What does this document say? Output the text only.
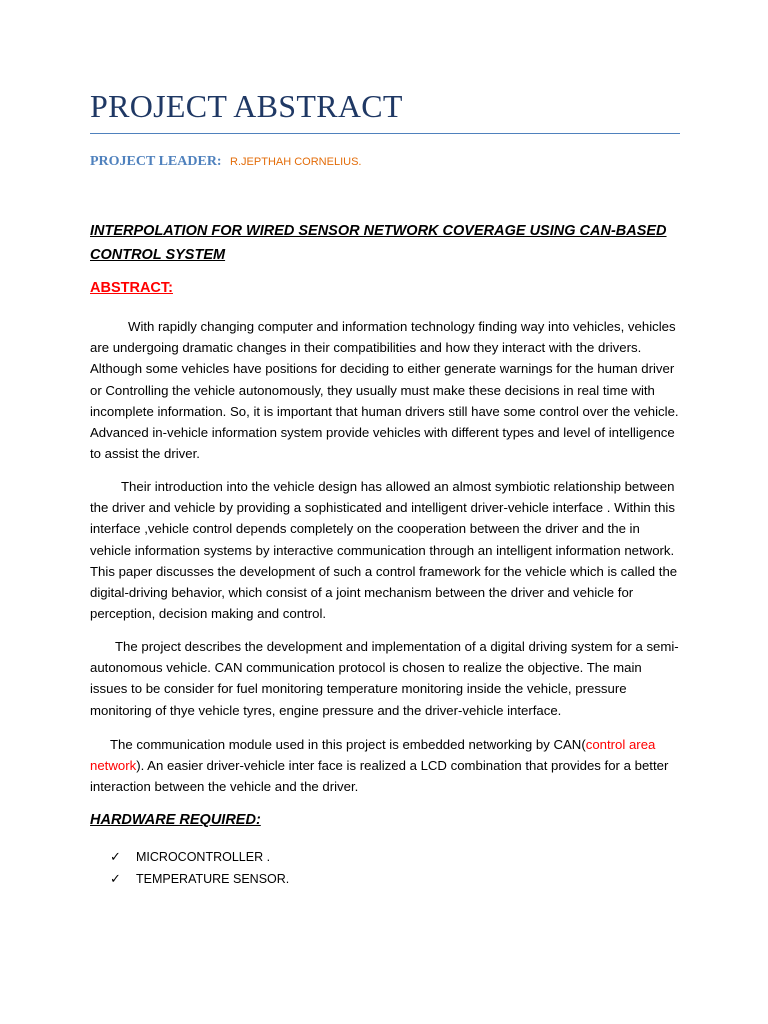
PROJECT ABSTRACT
PROJECT LEADER: R.JEPTHAH CORNELIUS.
INTERPOLATION FOR WIRED SENSOR NETWORK COVERAGE USING CAN-BASED CONTROL SYSTEM
ABSTRACT:

With rapidly changing computer and information technology finding way into vehicles, vehicles are undergoing dramatic changes in their compatibilities and how they interact with the drivers. Although some vehicles have positions for deciding to either generate warnings for the human driver or Controlling the vehicle autonomously, they usually must make these decisions in real time with incomplete information. So, it is important that human drivers still have some control over the vehicle. Advanced in-vehicle information system provide vehicles with different types and level of intelligence to assist the driver.

Their introduction into the vehicle design has allowed an almost symbiotic relationship between the driver and vehicle by providing a sophisticated and intelligent driver-vehicle interface . Within this interface ,vehicle control depends completely on the cooperation between the driver and the in vehicle information systems by interactive communication through an intelligent information network. This paper discusses the development of such a control framework for the vehicle which is called the digital-driving behavior, which consist of a joint mechanism between the driver and vehicle for perception, decision making and control.

The project describes the development and implementation of a digital driving system for a semi-autonomous vehicle. CAN communication protocol is chosen to realize the objective. The main issues to be consider for fuel monitoring temperature monitoring inside the vehicle, pressure monitoring of thye vehicle tyres, engine pressure and the driver-vehicle interface.

The communication module used in this project is embedded networking by CAN(control area network). An easier driver-vehicle inter face is realized a LCD combination that provides for a better interaction between the vehicle and the driver.

HARDWARE REQUIRED:
✓	MICROCONTROLLER .
✓	TEMPERATURE SENSOR.
